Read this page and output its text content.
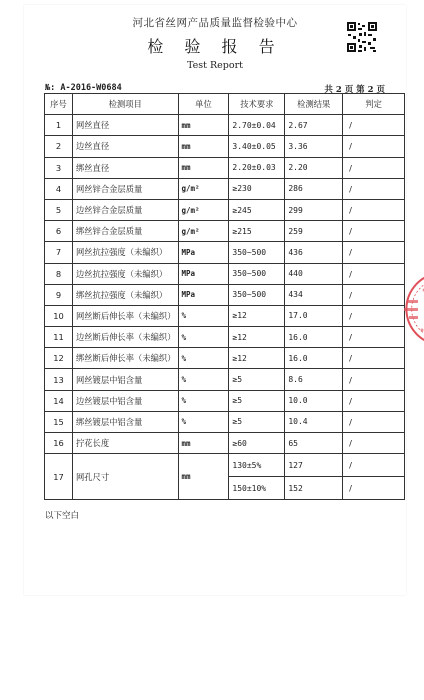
河北省丝网产品质量监督检验中心
检 验 报 告
Test Report
№: A-2016-W0684	共 2 页 第 2 页
序号	检测项目	单位	技术要求	检测结果	判定
1	网丝直径	mm	2.70±0.04	2.67	/
2	边丝直径	mm	3.40±0.05	3.36	/
3	绑丝直径	mm	2.20±0.03	2.20	/
4	网丝锌合金层质量	g/m²	≥230	286	/
5	边丝锌合金层质量	g/m²	≥245	299	/
6	绑丝锌合金层质量	g/m²	≥215	259	/
7	网丝抗拉强度（未编织）	MPa	350~500	436	/
8	边丝抗拉强度（未编织）	MPa	350~500	440	/
9	绑丝抗拉强度（未编织）	MPa	350~500	434	/
10	网丝断后伸长率（未编织）	%	≥12	17.0	/
11	边丝断后伸长率（未编织）	%	≥12	16.0	/
12	绑丝断后伸长率（未编织）	%	≥12	16.0	/
13	网丝镀层中铝含量	%	≥5	8.6	/
14	边丝镀层中铝含量	%	≥5	10.0	/
15	绑丝镀层中铝含量	%	≥5	10.4	/
16	拧花长度	mm	≥60	65	/
17	网孔尺寸	mm	130±5%	127	/
			150±10%	152	/
以下空白
